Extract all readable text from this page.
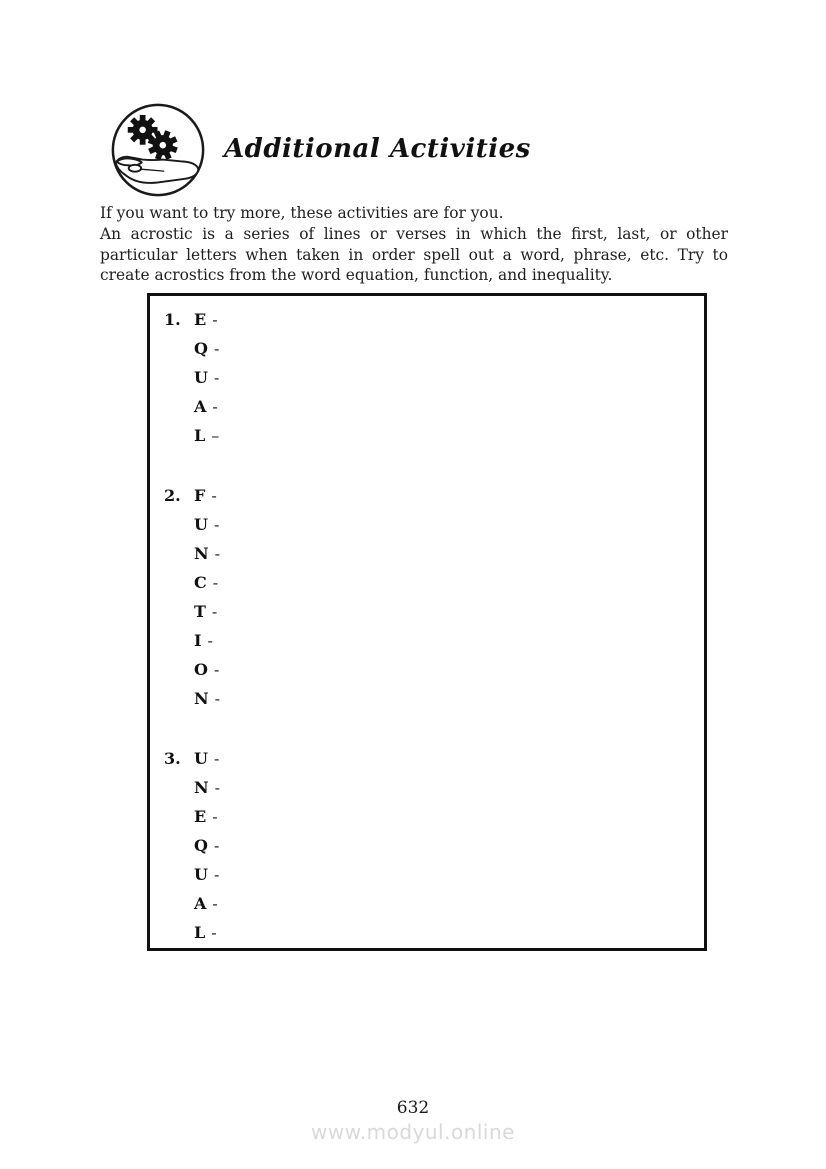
Additional Activities

If you want to try more, these activities are for you.

An acrostic is a series of lines or verses in which the first, last, or other particular letters when taken in order spell out a word, phrase, etc. Try to create acrostics from the word equation, function, and inequality.

1. E -
Q -
U -
A -
L –
2. F -
U -
N -
C -
T -
I -
O -
N -
3. U -
N -
E -
Q -
U -
A -
L -
632
www.modyul.online
